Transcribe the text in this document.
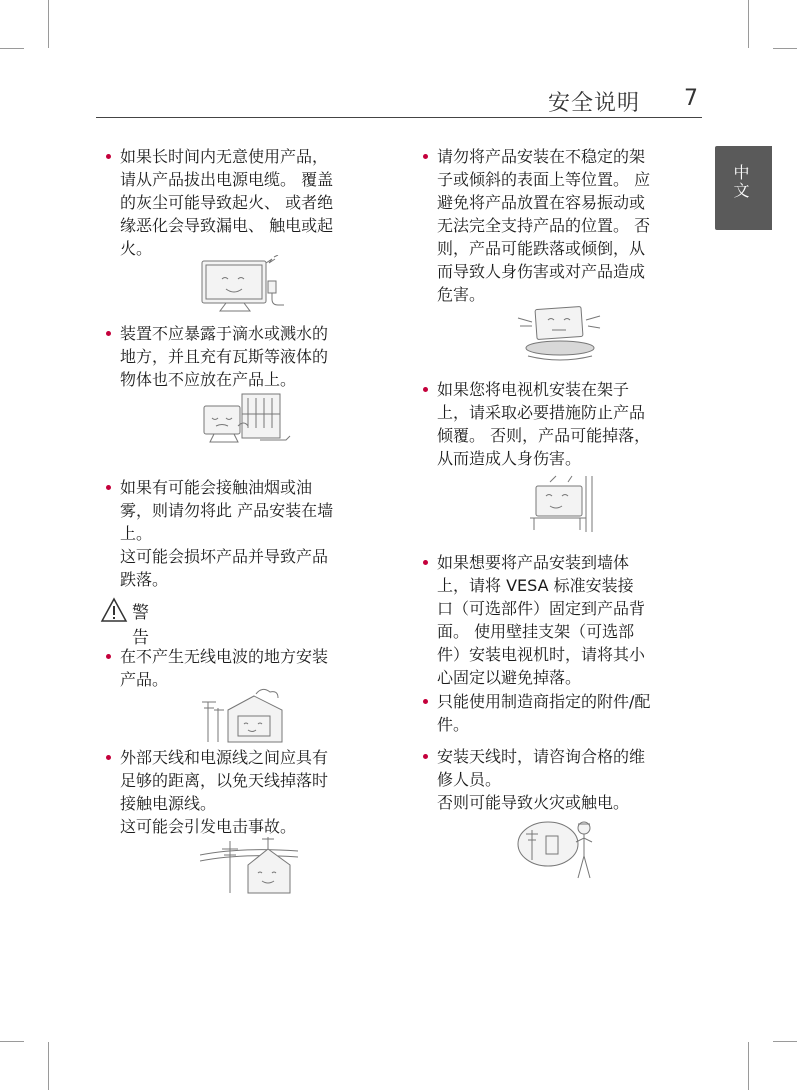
安全说明 7
中文

如果长时间内无意使用产品，

请从产品拔出电源电缆。 覆盖

的灰尘可能导致起火、 或者绝

缘恶化会导致漏电、 触电或起

火。

装置不应暴露于滴水或溅水的

地方，并且充有瓦斯等液体的

物体也不应放在产品上。

如果有可能会接触油烟或油

雾，则请勿将此 产品安装在墙

上。

这可能会损坏产品并导致产品

跌落。

警告

在不产生无线电波的地方安装

产品。

外部天线和电源线之间应具有

足够的距离，以免天线掉落时

接触电源线。

这可能会引发电击事故。

请勿将产品安装在不稳定的架

子或倾斜的表面上等位置。 应

避免将产品放置在容易振动或

无法完全支持产品的位置。 否

则，产品可能跌落或倾倒，从

而导致人身伤害或对产品造成

危害。

如果您将电视机安装在架子

上，请采取必要措施防止产品

倾覆。 否则，产品可能掉落，

从而造成人身伤害。

如果想要将产品安装到墙体

上，请将 VESA 标准安装接

口（可选部件）固定到产品背

面。 使用壁挂支架（可选部

件）安装电视机时，请将其小

心固定以避免掉落。

只能使用制造商指定的附件/配

件。

安装天线时，请咨询合格的维

修人员。

否则可能导致火灾或触电。
